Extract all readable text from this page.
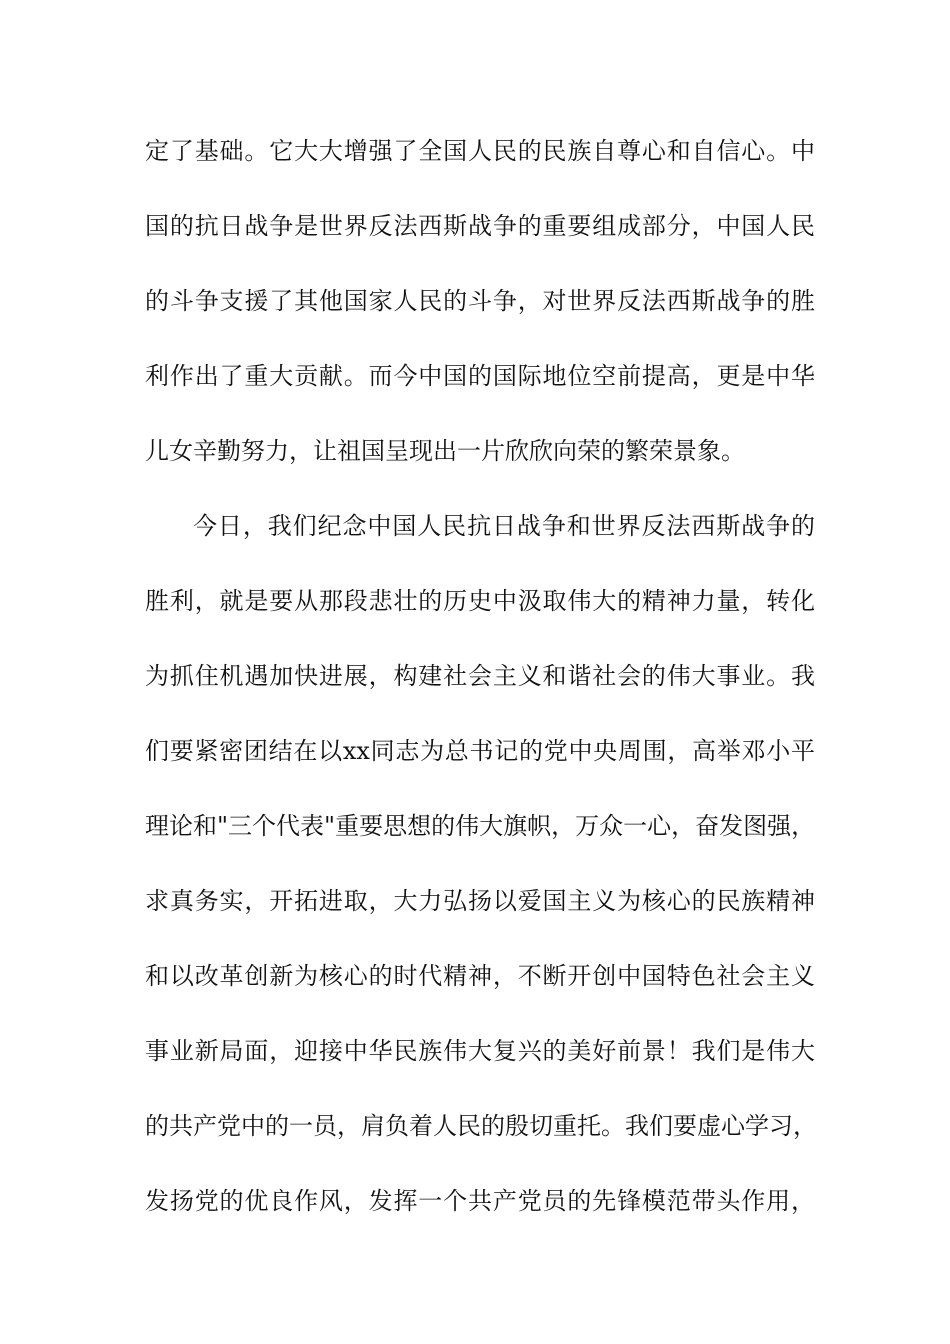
定了基础。它大大增强了全国人民的民族自尊心和自信心。中
国的抗日战争是世界反法西斯战争的重要组成部分，中国人民
的斗争支援了其他国家人民的斗争，对世界反法西斯战争的胜
利作出了重大贡献。而今中国的国际地位空前提高，更是中华
儿女辛勤努力，让祖国呈现出一片欣欣向荣的繁荣景象。
今日，我们纪念中国人民抗日战争和世界反法西斯战争的
胜利，就是要从那段悲壮的历史中汲取伟大的精神力量，转化
为抓住机遇加快进展，构建社会主义和谐社会的伟大事业。我
们要紧密团结在以xx同志为总书记的党中央周围，高举邓小平
理论和"三个代表"重要思想的伟大旗帜，万众一心，奋发图强，
求真务实，开拓进取，大力弘扬以爱国主义为核心的民族精神
和以改革创新为核心的时代精神，不断开创中国特色社会主义
事业新局面，迎接中华民族伟大复兴的美好前景！我们是伟大
的共产党中的一员，肩负着人民的殷切重托。我们要虚心学习，
发扬党的优良作风，发挥一个共产党员的先锋模范带头作用，
